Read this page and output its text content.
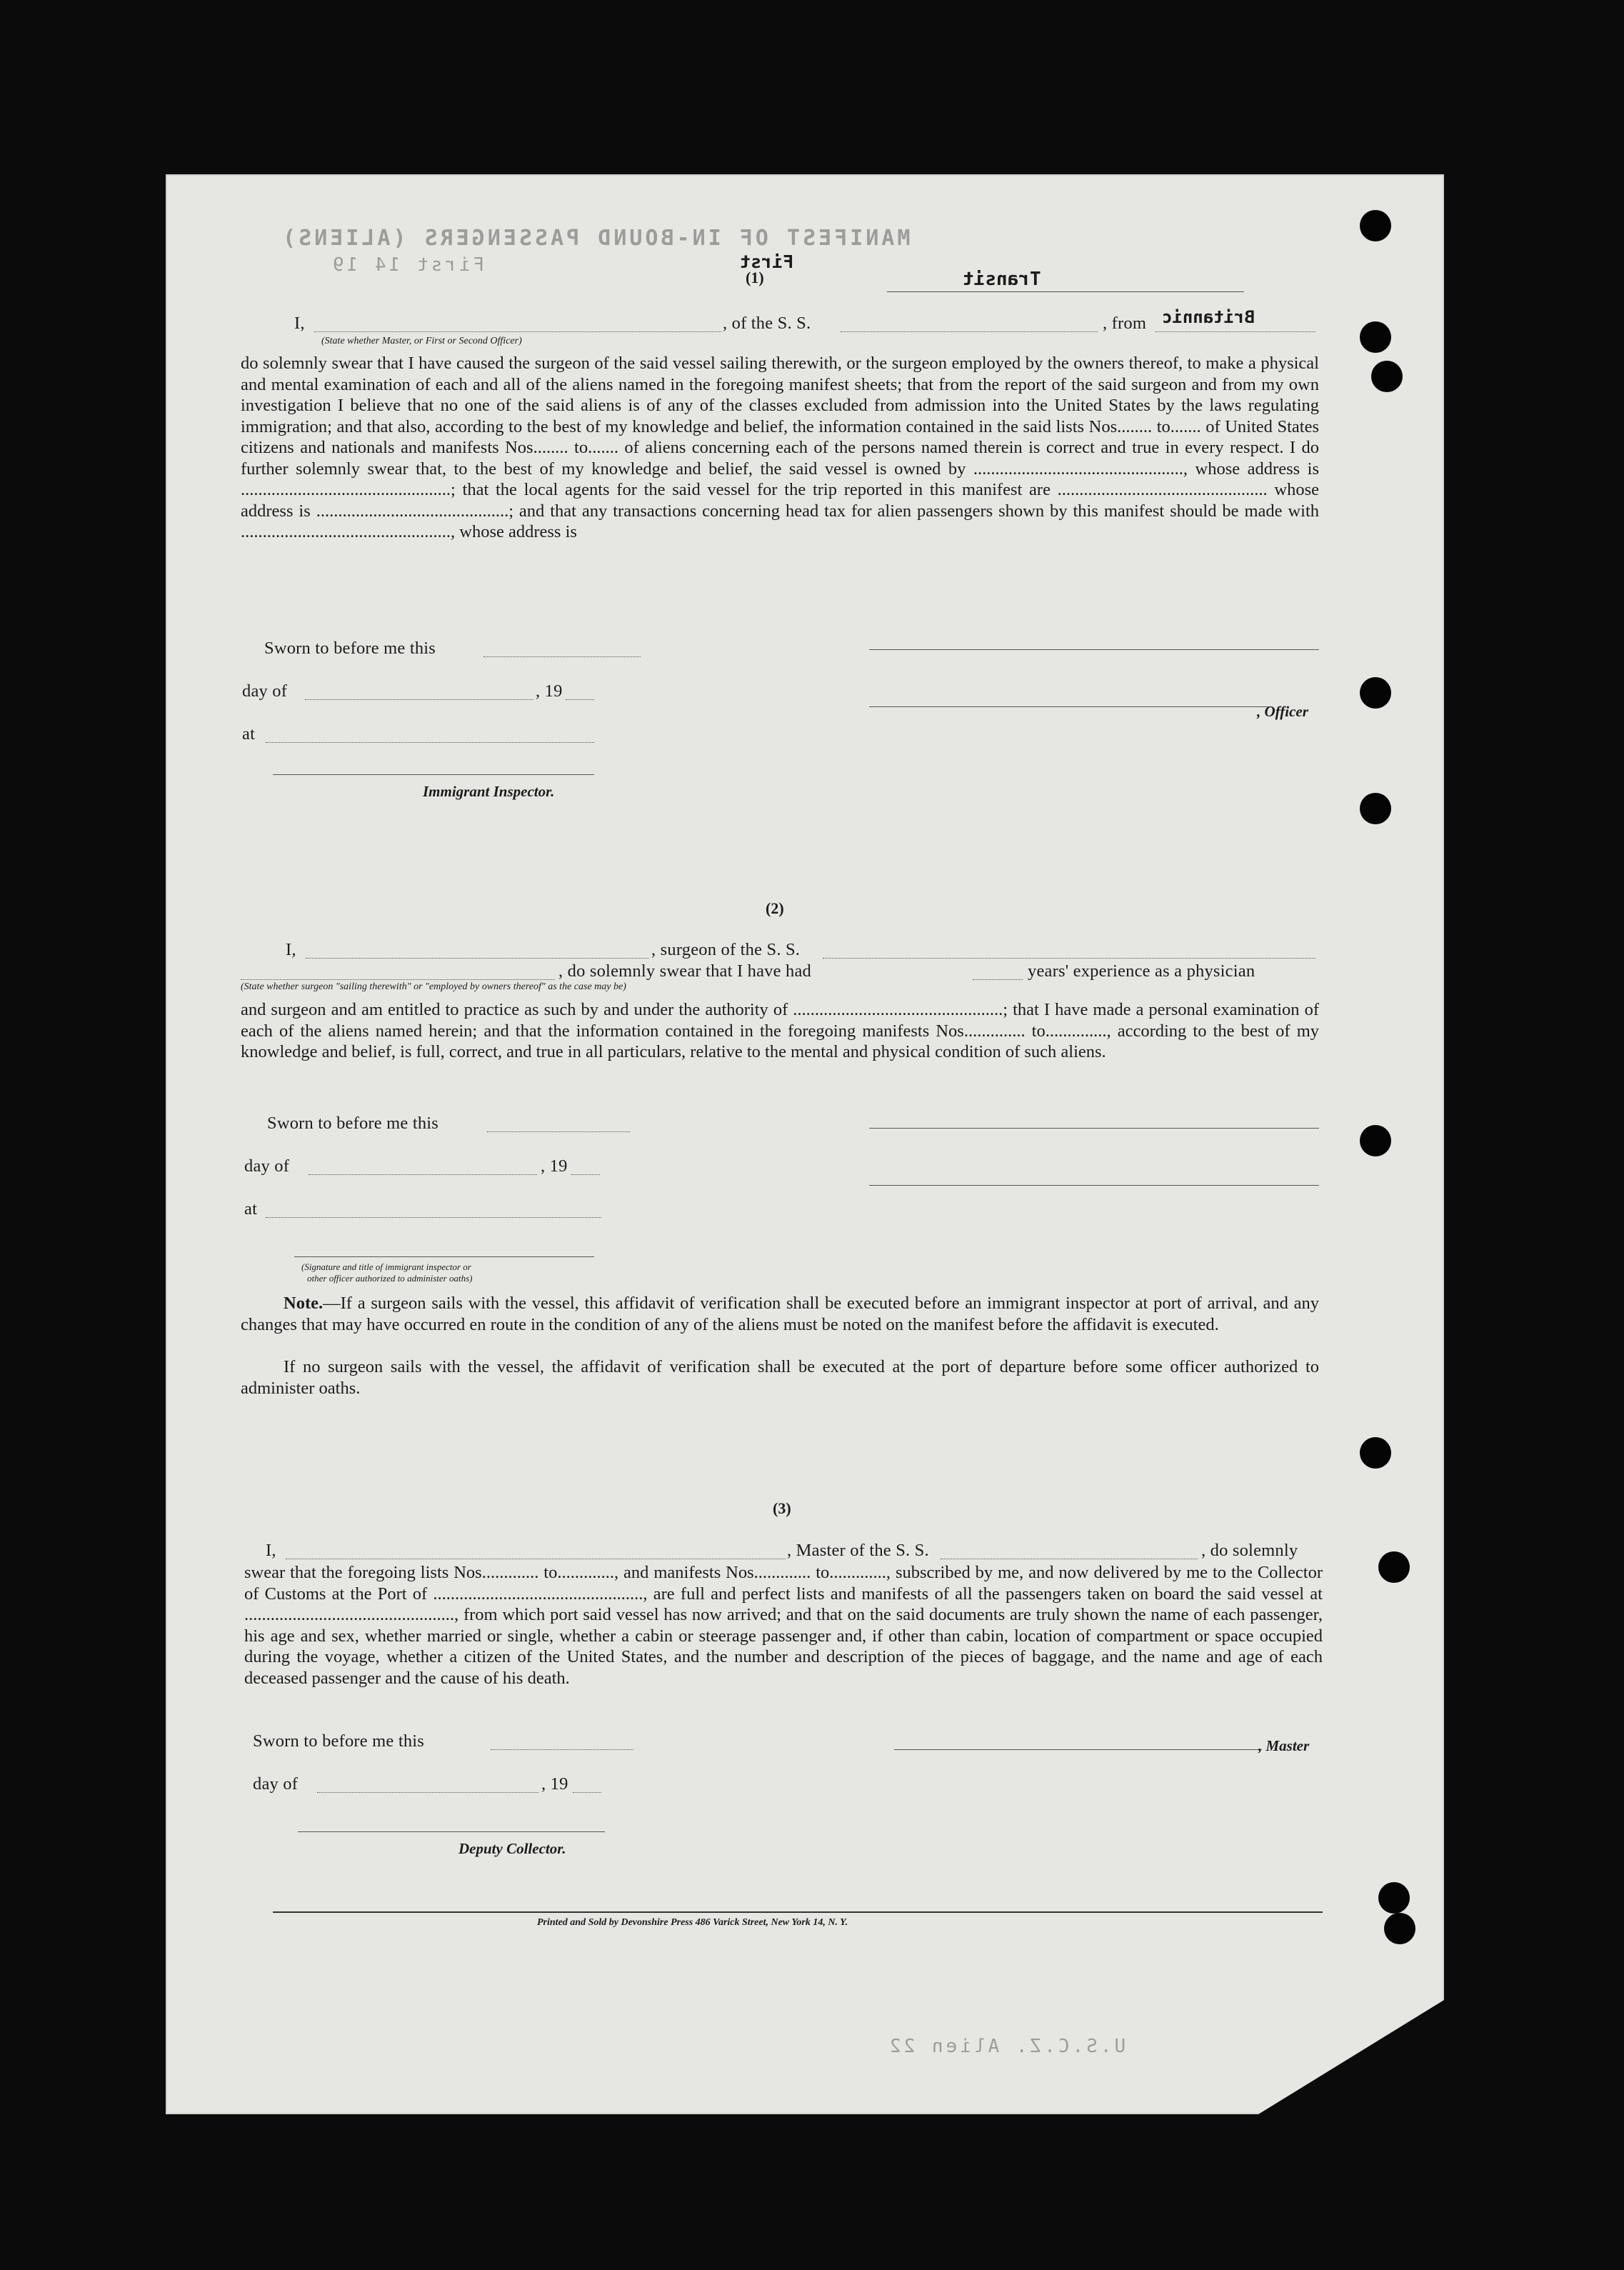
MANIFEST OF IN-BOUND PASSENGERS (ALIENS)
First 14 19
U.S.C.Z. Alien 22
First
(1)	Transit
I,	, of the S. S.	, from Britannic
(State whether Master, or First or Second Officer)
do solemnly swear that I have caused the surgeon of the said vessel sailing therewith, or the surgeon employed by the owners thereof, to make a physical and mental examination of each and all of the aliens named in the foregoing manifest sheets; that from the report of the said surgeon and from my own investigation I believe that no one of the said aliens is of any of the classes excluded from admission into the United States by the laws regulating immigration; and that also, according to the best of my knowledge and belief, the information contained in the said lists Nos........ to....... of United States citizens and nationals and manifests Nos........ to....... of aliens concerning each of the persons named therein is correct and true in every respect. I do further solemnly swear that, to the best of my knowledge and belief, the said vessel is owned by ................................................, whose address is ................................................; that the local agents for the said vessel for the trip reported in this manifest are ................................................ whose address is ............................................; and that any transactions concerning head tax for alien passengers shown by this manifest should be made with ................................................, whose address is
Sworn to before me this
day of	, 19
at
Immigrant Inspector.
, Officer
(2)
I,	, surgeon of the S. S.
, do solemnly swear that I have had	years' experience as a physician
(State whether surgeon "sailing therewith" or "employed by owners thereof" as the case may be)
and surgeon and am entitled to practice as such by and under the authority of ................................................; that I have made a personal examination of each of the aliens named herein; and that the information contained in the foregoing manifests Nos.............. to.............., according to the best of my knowledge and belief, is full, correct, and true in all particulars, relative to the mental and physical condition of such aliens.
Sworn to before me this
day of	, 19
at
(Signature and title of immigrant inspector or
other officer authorized to administer oaths)
Note.—If a surgeon sails with the vessel, this affidavit of verification shall be executed before an immigrant inspector at port of arrival, and any changes that may have occurred en route in the condition of any of the aliens must be noted on the manifest before the affidavit is executed.
If no surgeon sails with the vessel, the affidavit of verification shall be executed at the port of departure before some officer authorized to administer oaths.
(3)
I,	, Master of the S. S.	, do solemnly
swear that the foregoing lists Nos............. to............., and manifests Nos............. to............., subscribed by me, and now delivered by me to the Collector of Customs at the Port of ................................................, are full and perfect lists and manifests of all the passengers taken on board the said vessel at ................................................, from which port said vessel has now arrived; and that on the said documents are truly shown the name of each passenger, his age and sex, whether married or single, whether a cabin or steerage passenger and, if other than cabin, location of compartment or space occupied during the voyage, whether a citizen of the United States, and the number and description of the pieces of baggage, and the name and age of each deceased passenger and the cause of his death.
Sworn to before me this
day of	, 19
Deputy Collector.
, Master
Printed and Sold by Devonshire Press 486 Varick Street, New York 14, N. Y.
